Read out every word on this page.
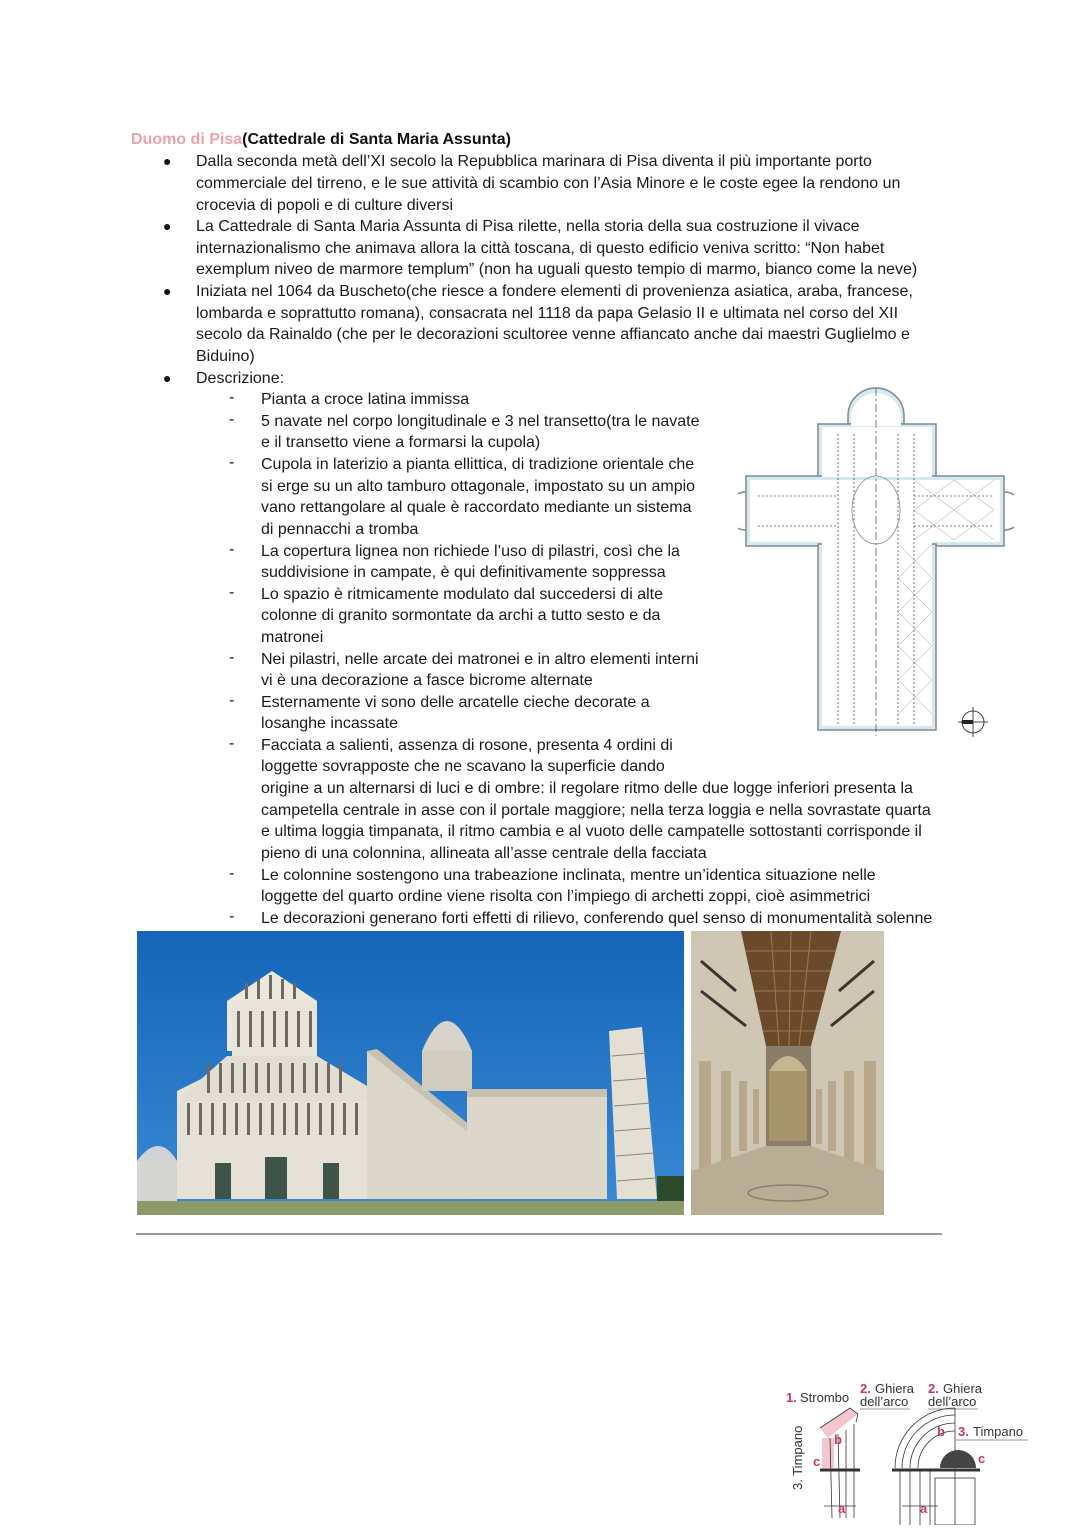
Duomo di Pisa(Cattedrale di Santa Maria Assunta)
● Dalla seconda metà dell’XI secolo la Repubblica marinara di Pisa diventa il più importante porto
commerciale del tirreno, e le sue attività di scambio con l’Asia Minore e le coste egee la rendono un
crocevia di popoli e di culture diversi
● La Cattedrale di Santa Maria Assunta di Pisa rilette, nella storia della sua costruzione il vivace
internazionalismo che animava allora la città toscana, di questo edificio veniva scritto: “Non habet
exemplum niveo de marmore templum” (non ha uguali questo tempio di marmo, bianco come la neve)
● Iniziata nel 1064 da Buscheto(che riesce a fondere elementi di provenienza asiatica, araba, francese,
lombarda e soprattutto romana), consacrata nel 1118 da papa Gelasio II e ultimata nel corso del XII
secolo da Rainaldo (che per le decorazioni scultoree venne affiancato anche dai maestri Guglielmo e
Biduino)
● Descrizione:
- Pianta a croce latina immissa
- 5 navate nel corpo longitudinale e 3 nel transetto(tra le navate
e il transetto viene a formarsi la cupola)
- Cupola in laterizio a pianta ellittica, di tradizione orientale che
si erge su un alto tamburo ottagonale, impostato su un ampio
vano rettangolare al quale è raccordato mediante un sistema
di pennacchi a tromba
- La copertura lignea non richiede l’uso di pilastri, così che la
suddivisione in campate, è qui definitivamente soppressa
- Lo spazio è ritmicamente modulato dal succedersi di alte
colonne di granito sormontate da archi a tutto sesto e da
matronei
- Nei pilastri, nelle arcate dei matronei e in altro elementi interni
vi è una decorazione a fasce bicrome alternate
- Esternamente vi sono delle arcatelle cieche decorate a
losanghe incassate
- Facciata a salienti, assenza di rosone, presenta 4 ordini di
loggette sovrapposte che ne scavano la superficie dando
origine a un alternarsi di luci e di ombre: il regolare ritmo delle due logge inferiori presenta la
campetella centrale in asse con il portale maggiore; nella terza loggia e nella sovrastate quarta
e ultima loggia timpanata, il ritmo cambia e al vuoto delle campatelle sottostanti corrisponde il
pieno di una colonnina, allineata all’asse centrale della facciata
- Le colonnine sostengono una trabeazione inclinata, mentre un’identica situazione nelle
loggette del quarto ordine viene risolta con l’impiego di archetti zoppi, cioè asimmetrici
- Le decorazioni generano forti effetti di rilievo, conferendo quel senso di monumentalità solenne
1. Strombo
2. Ghiera
dell’arco
2. Ghiera
dell’arco
3. Timpano
3. Timpano b
c
a
b
c
a
